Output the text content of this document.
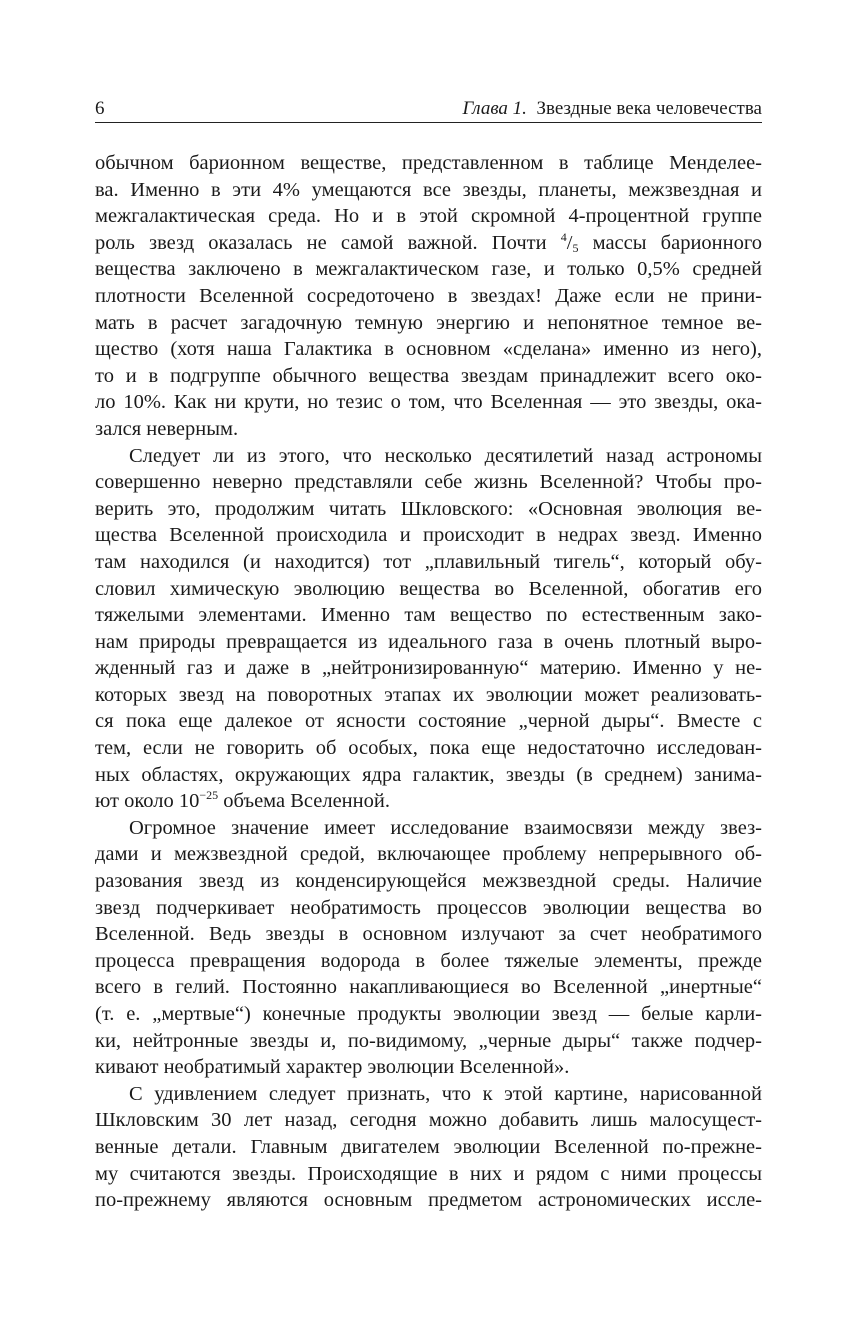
6	Глава 1. Звездные века человечества
обычном барионном веществе, представленном в таблице Менделее-
ва. Именно в эти 4% умещаются все звезды, планеты, межзвездная и
межгалактическая среда. Но и в этой скромной 4-процентной группе
роль звезд оказалась не самой важной. Почти $^4/_5$ массы барионного
вещества заключено в межгалактическом газе, и только 0,5% средней
плотности Вселенной сосредоточено в звездах! Даже если не прини-
мать в расчет загадочную темную энергию и непонятное темное ве-
щество (хотя наша Галактика в основном «сделана» именно из него),
то и в подгруппе обычного вещества звездам принадлежит всего око-
ло 10%. Как ни крути, но тезис о том, что Вселенная — это звезды, ока-
зался неверным.
Следует ли из этого, что несколько десятилетий назад астрономы
совершенно неверно представляли себе жизнь Вселенной? Чтобы про-
верить это, продолжим читать Шкловского: «Основная эволюция ве-
щества Вселенной происходила и происходит в недрах звезд. Именно
там находился (и находится) тот „плавильный тигель“, который обу-
словил химическую эволюцию вещества во Вселенной, обогатив его
тяжелыми элементами. Именно там вещество по естественным зако-
нам природы превращается из идеального газа в очень плотный выро-
жденный газ и даже в „нейтронизированную“ материю. Именно у не-
которых звезд на поворотных этапах их эволюции может реализовать-
ся пока еще далекое от ясности состояние „черной дыры“. Вместе с
тем, если не говорить об особых, пока еще недостаточно исследован-
ных областях, окружающих ядра галактик, звезды (в среднем) занима-
ют около $10^{-25}$ объема Вселенной.
Огромное значение имеет исследование взаимосвязи между звез-
дами и межзвездной средой, включающее проблему непрерывного об-
разования звезд из конденсирующейся межзвездной среды. Наличие
звезд подчеркивает необратимость процессов эволюции вещества во
Вселенной. Ведь звезды в основном излучают за счет необратимого
процесса превращения водорода в более тяжелые элементы, прежде
всего в гелий. Постоянно накапливающиеся во Вселенной „инертные“
(т. е. „мертвые“) конечные продукты эволюции звезд — белые карли-
ки, нейтронные звезды и, по-видимому, „черные дыры“ также подчер-
кивают необратимый характер эволюции Вселенной».
С удивлением следует признать, что к этой картине, нарисованной
Шкловским 30 лет назад, сегодня можно добавить лишь малосущест-
венные детали. Главным двигателем эволюции Вселенной по-прежне-
му считаются звезды. Происходящие в них и рядом с ними процессы
по-прежнему являются основным предметом астрономических иссле-
